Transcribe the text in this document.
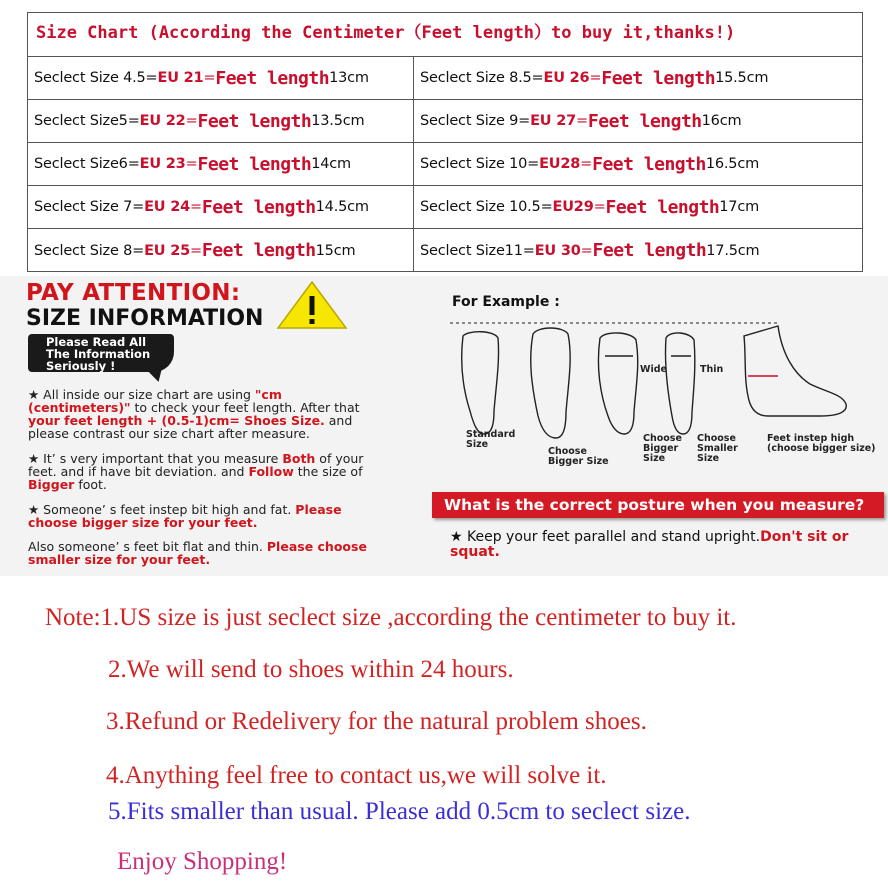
Size Chart (According the Centimeter（Feet length）to buy it,thanks!)
Seclect Size 4.5= EU 21 = Feet length 13cm	Seclect Size 8.5= EU 26 = Feet length 15.5cm
Seclect Size5= EU 22 = Feet length 13.5cm	Seclect Size 9= EU 27 = Feet length 16cm
Seclect Size6= EU 23 = Feet length 14cm	Seclect Size 10= EU28 = Feet length 16.5cm
Seclect Size 7= EU 24 = Feet length 14.5cm	Seclect Size 10.5= EU29 = Feet length 17cm
Seclect Size 8= EU 25 = Feet length 15cm	Seclect Size11= EU 30 = Feet length 17.5cm
PAY ATTENTION:
SIZE INFORMATION
Please Read All
The Information
Seriously !
★ All inside our size chart are using "cm (centimeters)" to check your feet length. After that your feet length + (0.5-1)cm= Shoes Size. and please contrast our size chart after measure.
★ It’ s very important that you measure Both of your feet. and if have bit deviation. and Follow the size of Bigger foot.
★ Someone’ s feet instep bit high and fat. Please choose bigger size for your feet.
Also someone’ s feet bit flat and thin. Please choose smaller size for your feet.
For Example :
Standard Size
Choose Bigger Size
Wide	Thin
Choose Bigger Size
Choose Smaller Size
Feet instep high (choose bigger size)
What is the correct posture when you measure?
★ Keep your feet parallel and stand upright.Don't sit or squat.
Note:1.US size is just seclect size ,according the centimeter to buy it.
2.We will send to shoes within 24 hours.
3.Refund or Redelivery for the natural problem shoes.
4.Anything feel free to contact us,we will solve it.
5.Fits smaller than usual. Please add 0.5cm to seclect size.
Enjoy Shopping!
